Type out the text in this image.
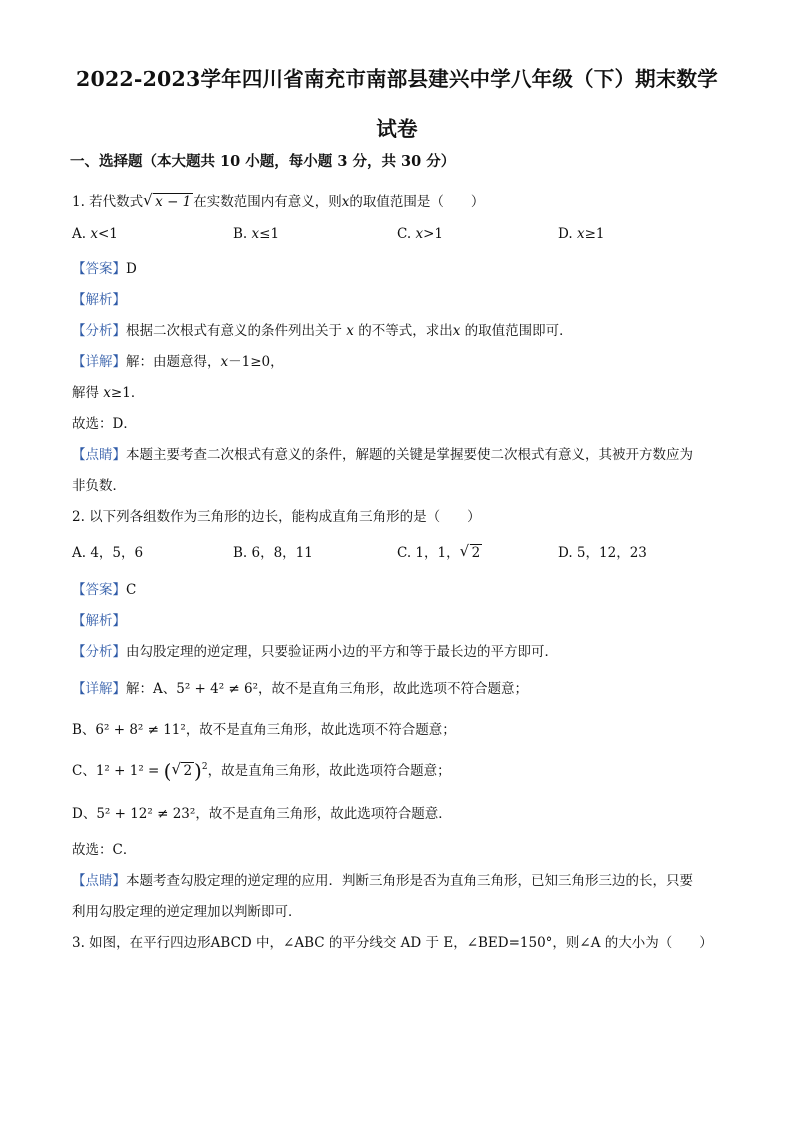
2022-2023学年四川省南充市南部县建兴中学八年级（下）期末数学
试卷
一、选择题（本大题共 10 小题，每小题 3 分，共 30 分）
1. 若代数式 √ x − 1 在实数范围内有意义，则x的取值范围是（　　）
A. x<1	B. x≤1	C. x>1	D. x≥1
【答案】D
【解析】
【分析】根据二次根式有意义的条件列出关于 x 的不等式，求出x 的取值范围即可．
【详解】解：由题意得，x－1≥0，
解得 x≥1．
故选：D．
【点睛】本题主要考查二次根式有意义的条件，解题的关键是掌握要使二次根式有意义，其被开方数应为
非负数．
2. 以下列各组数作为三角形的边长，能构成直角三角形的是（　　）
A. 4，5，6	B. 6，8，11	C. 1，1， √ 2	D. 5，12，23
【答案】C
【解析】
【分析】由勾股定理的逆定理，只要验证两小边的平方和等于最长边的平方即可．
【详解】解：A、5² + 4² ≠ 6²，故不是直角三角形，故此选项不符合题意；
B、6² + 8² ≠ 11²，故不是直角三角形，故此选项不符合题意；
C、1² + 1² = ( √ 2 )$^2$，故是直角三角形，故此选项符合题意；
D、5² + 12² ≠ 23²，故不是直角三角形，故此选项符合题意．
故选：C．
【点睛】本题考查勾股定理的逆定理的应用．判断三角形是否为直角三角形，已知三角形三边的长，只要
利用勾股定理的逆定理加以判断即可．
3. 如图，在平行四边形ABCD 中，∠ABC 的平分线交 AD 于 E，∠BED=150°，则∠A 的大小为（　　）
